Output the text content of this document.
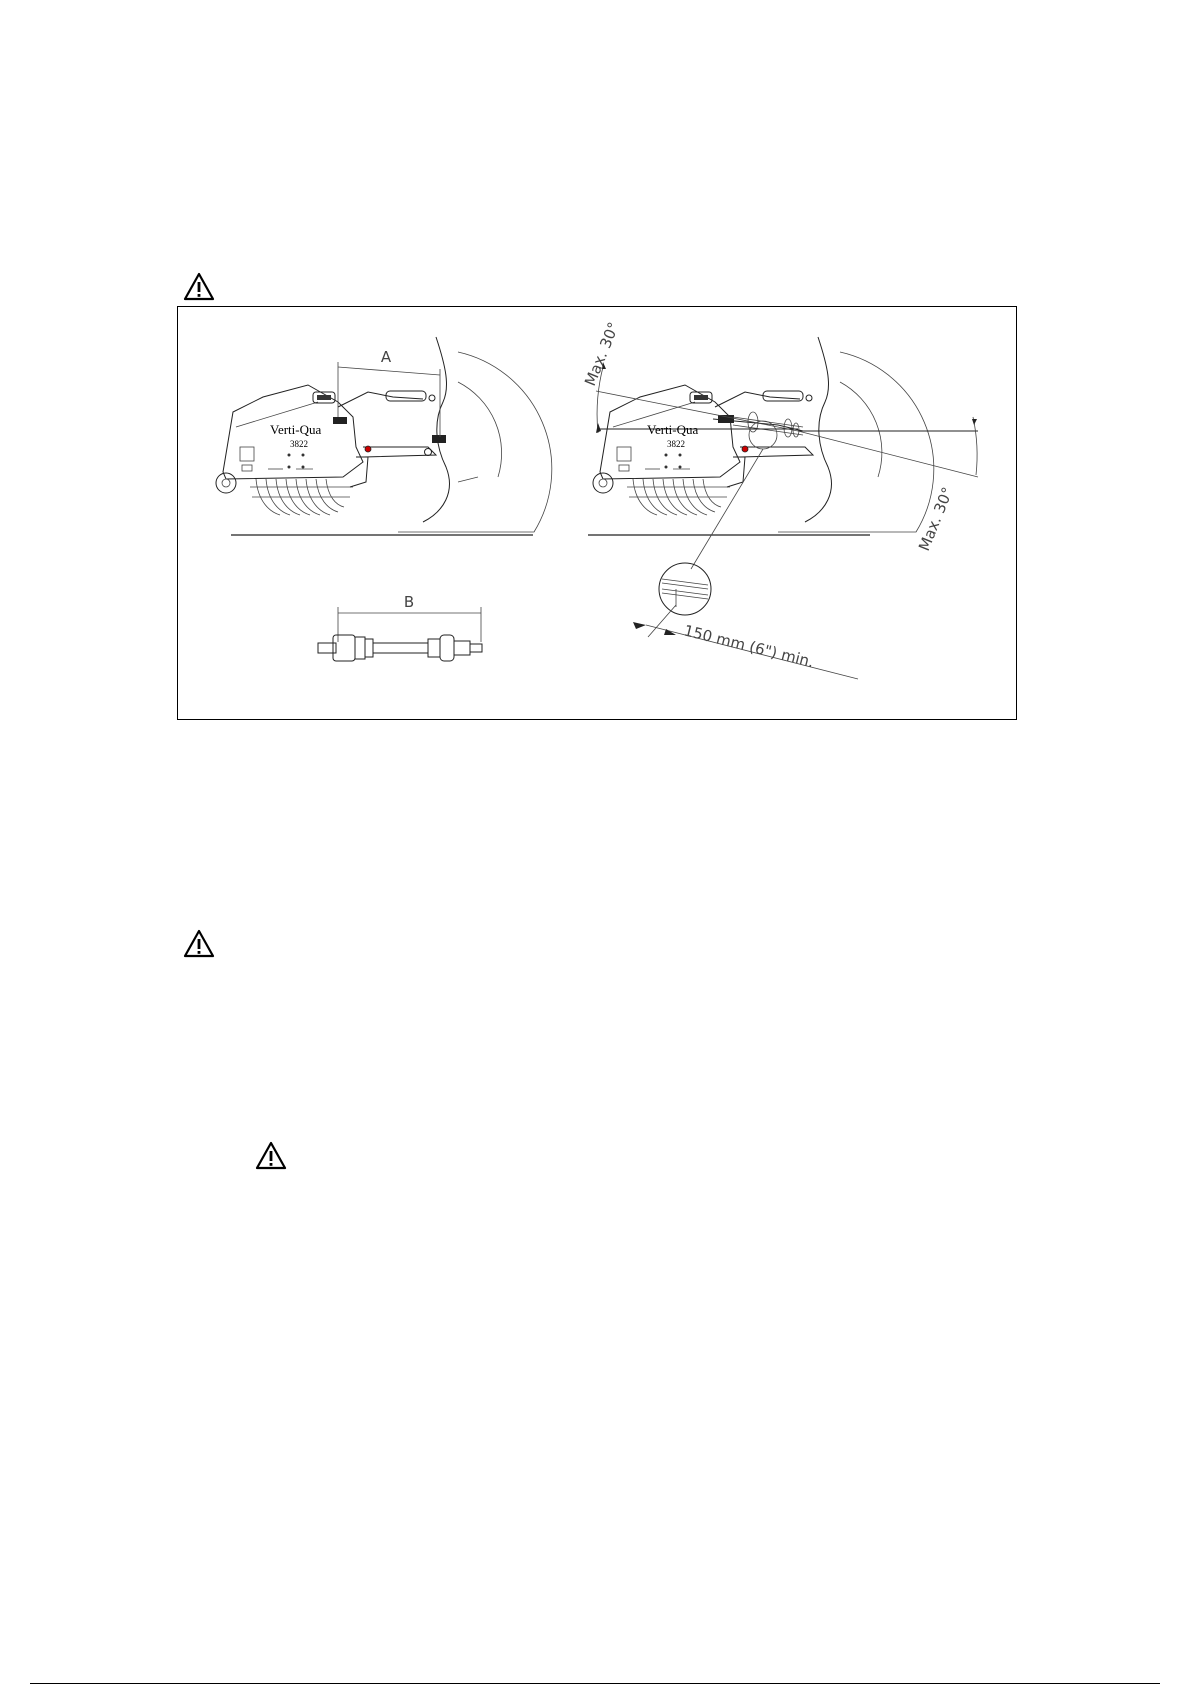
A
Verti-Qua
3822
B
Max. 30°
Max. 30°
150 mm (6") min.
Verti-Qua
3822
